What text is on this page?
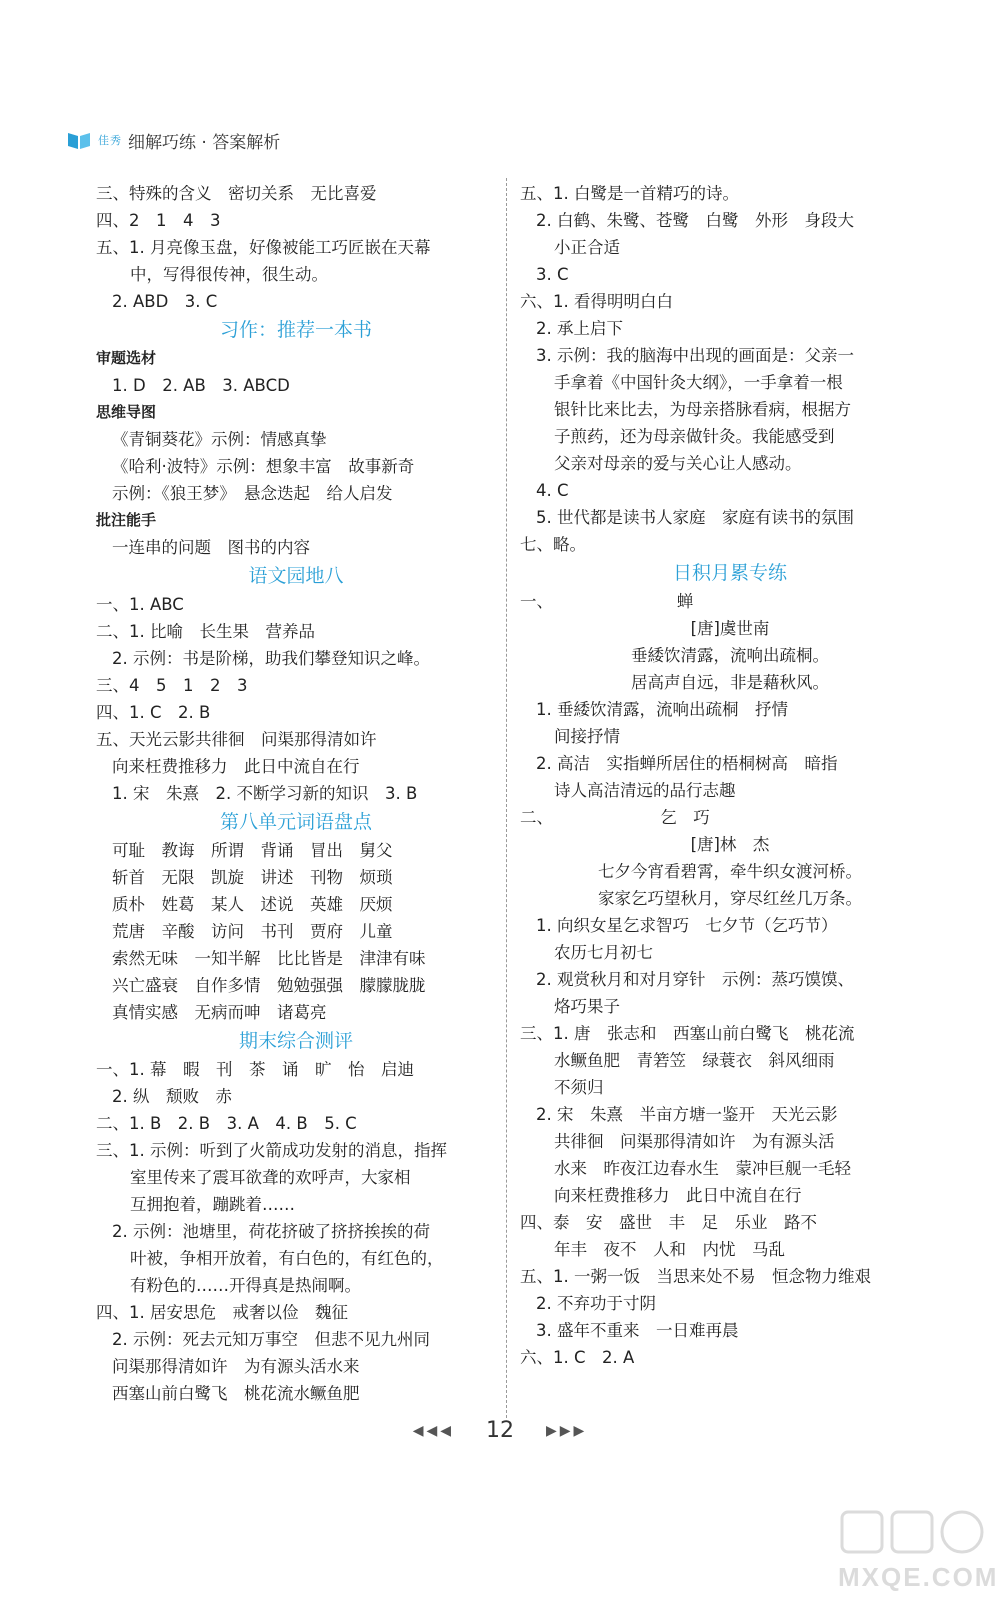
佳秀 细解巧练 · 答案解析
三、特殊的含义　密切关系　无比喜爱
四、2　1　4　3
五、1. 月亮像玉盘，好像被能工巧匠嵌在天幕
中，写得很传神，很生动。
2. ABD　3. C
习作：推荐一本书
审题选材
1. D　2. AB　3. ABCD
思维导图
《青铜葵花》示例：情感真挚
《哈利·波特》示例：想象丰富　故事新奇
示例：《狼王梦》　悬念迭起　给人启发
批注能手
一连串的问题　图书的内容
语文园地八
一、1. ABC
二、1. 比喻　长生果　营养品
2. 示例：书是阶梯，助我们攀登知识之峰。
三、4　5　1　2　3
四、1. C　2. B
五、天光云影共徘徊　问渠那得清如许
向来枉费推移力　此日中流自在行
1. 宋　朱熹　2. 不断学习新的知识　3. B
第八单元词语盘点
可耻　教诲　所谓　背诵　冒出　舅父
斩首　无限　凯旋　讲述　刊物　烦琐
质朴　姓葛　某人　述说　英雄　厌烦
荒唐　辛酸　访问　书刊　贾府　儿童
索然无味　一知半解　比比皆是　津津有味
兴亡盛衰　自作多情　勉勉强强　朦朦胧胧
真情实感　无病而呻　诸葛亮
期末综合测评
一、1. 幕　暇　刊　茶　诵　旷　怡　启迪
2. 纵　颓败　赤
二、1. B　2. B　3. A　4. B　5. C
三、1. 示例：听到了火箭成功发射的消息，指挥
室里传来了震耳欲聋的欢呼声，大家相
互拥抱着，蹦跳着……
2. 示例：池塘里，荷花挤破了挤挤挨挨的荷
叶被，争相开放着，有白色的，有红色的，
有粉色的……开得真是热闹啊。
四、1. 居安思危　戒奢以俭　魏征
2. 示例：死去元知万事空　但悲不见九州同
问渠那得清如许　为有源头活水来
西塞山前白鹭飞　桃花流水鳜鱼肥
五、1. 白鹭是一首精巧的诗。
2. 白鹤、朱鹭、苍鹭　白鹭　外形　身段大
小正合适
3. C
六、1. 看得明明白白
2. 承上启下
3. 示例：我的脑海中出现的画面是：父亲一
手拿着《中国针灸大纲》，一手拿着一根
银针比来比去，为母亲搭脉看病，根据方
子煎药，还为母亲做针灸。我能感受到
父亲对母亲的爱与关心让人感动。
4. C
5. 世代都是读书人家庭　家庭有读书的氛围
七、略。
日积月累专练
一、　　　　　　　　蝉
[唐]虞世南
垂緌饮清露，流响出疏桐。
居高声自远，非是藉秋风。
1. 垂緌饮清露，流响出疏桐　抒情
间接抒情
2. 高洁　实指蝉所居住的梧桐树高　暗指
诗人高洁清远的品行志趣
二、　　　　　　　乞　巧
[唐]林　杰
七夕今宵看碧霄，牵牛织女渡河桥。
家家乞巧望秋月，穿尽红丝几万条。
1. 向织女星乞求智巧　七夕节（乞巧节）
农历七月初七
2. 观赏秋月和对月穿针　示例：蒸巧馍馍、
烙巧果子
三、1. 唐　张志和　西塞山前白鹭飞　桃花流
水鳜鱼肥　青箬笠　绿蓑衣　斜风细雨
不须归
2. 宋　朱熹　半亩方塘一鉴开　天光云影
共徘徊　问渠那得清如许　为有源头活
水来　昨夜江边春水生　蒙冲巨舰一毛轻
向来枉费推移力　此日中流自在行
四、泰　安　盛世　丰　足　乐业　路不
年丰　夜不　人和　内忧　马乱
五、1. 一粥一饭　当思来处不易　恒念物力维艰
2. 不弃功于寸阴
3. 盛年不重来　一日难再晨
六、1. C　2. A
◀◀◀ 12 ▶▶▶
MXQE.COM
